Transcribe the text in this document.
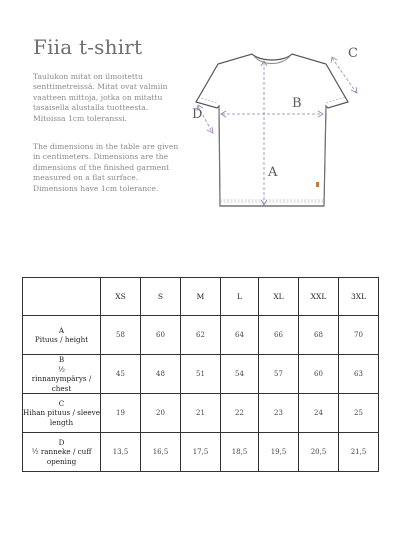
Fiia t-shirt
Taulukon mitat on ilmoitettu senttimetreissä. Mitat ovat valmiin vaatteen mittoja, jotka on mitattu tasaisella alustalla tuotteesta. Mitoissa 1cm toleranssi.
The dimensions in the table are given in centimeters. Dimensions are the dimensions of the finished garment measured on a flat surface. Dimensions have 1cm tolerance.
C
B
A
D
	XS	S	M	L	XL	XXL	3XL

A
Pituus / height	58	60	62	64	66	68	70

B
½
rinnanympärys / chest	45	48	51	54	57	60	63

C
Hihan pituus / sleeve length	19	20	21	22	23	24	25

D
½ ranneke / cuff opening	13,5	16,5	17,5	18,5	19,5	20,5	21,5
